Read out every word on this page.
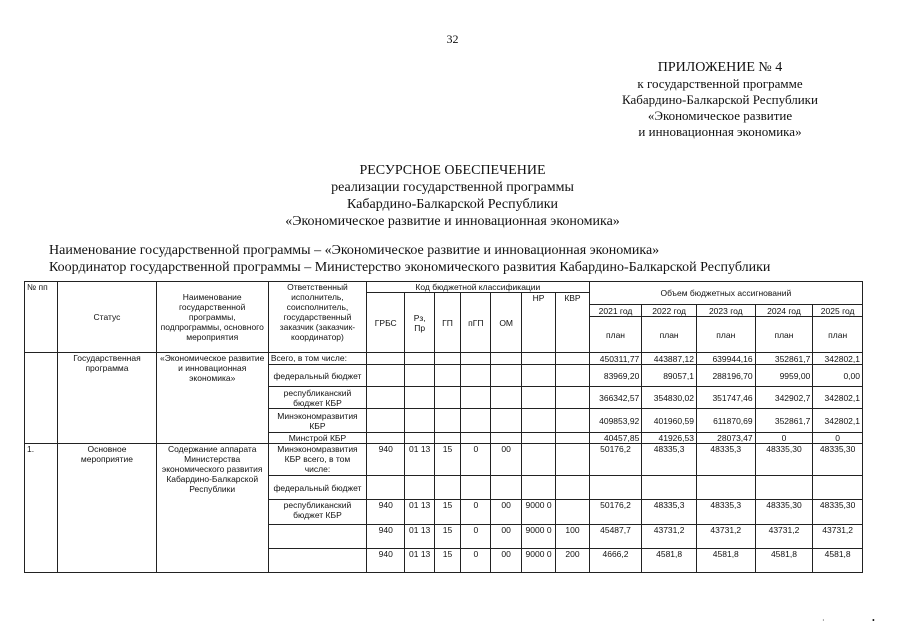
32
ПРИЛОЖЕНИЕ № 4
к государственной программе
Кабардино-Балкарской Республики
«Экономическое развитие
и инновационная экономика»
РЕСУРСНОЕ ОБЕСПЕЧЕНИЕ
реализации государственной программы
Кабардино-Балкарской Республики
«Экономическое развитие и инновационная экономика»
Наименование государственной программы – «Экономическое развитие и инновационная экономика»
Координатор государственной программы – Министерство экономического развития Кабардино-Балкарской Республики
№ пп	Статус	Наименование государственной программы, подпрограммы, основного мероприятия	Ответственный исполнитель, соисполнитель, государственный заказчик (заказчик-координатор)	Код бюджетной классификации							Объем бюджетных ассигнований				
				ГРБС	Рз, Пр	ГП	пГП	ОМ	НР	КВР					
											2021 год	2022 год	2023 год	2024 год	2025 год
											план	план	план	план	план
	Государственная программа	«Экономическое развитие и инновационная экономика»	Всего, в том числе:								450311,77	443887,12	639944,16	352861,7	342802,1
			федеральный бюджет								83969,20	89057,1	288196,70	9959,00	0,00
			республиканский бюджет КБР								366342,57	354830,02	351747,46	342902,7	342802,1
			Минэкономразвития КБР								409853,92	401960,59	611870,69	352861,7	342802,1
			Минстрой КБР								40457,85	41926,53	28073,47	0	0
1.	Основное мероприятие	Содержание аппарата Министерства экономического развития Кабардино-Балкарской Республики	Минэкономразвития КБР всего, в том числе:	940	01 13	15	0	00			50176,2	48335,3	48335,3	48335,30	48335,30
			федеральный бюджет												
			республиканский бюджет КБР	940	01 13	15	0	00	9000 0		50176,2	48335,3	48335,3	48335,30	48335,30
				940	01 13	15	0	00	9000 0	100	45487,7	43731,2	43731,2	43731,2	43731,2
				940	01 13	15	0	00	9000 0	200	4666,2	4581,8	4581,8	4581,8	4581,8
·	•
